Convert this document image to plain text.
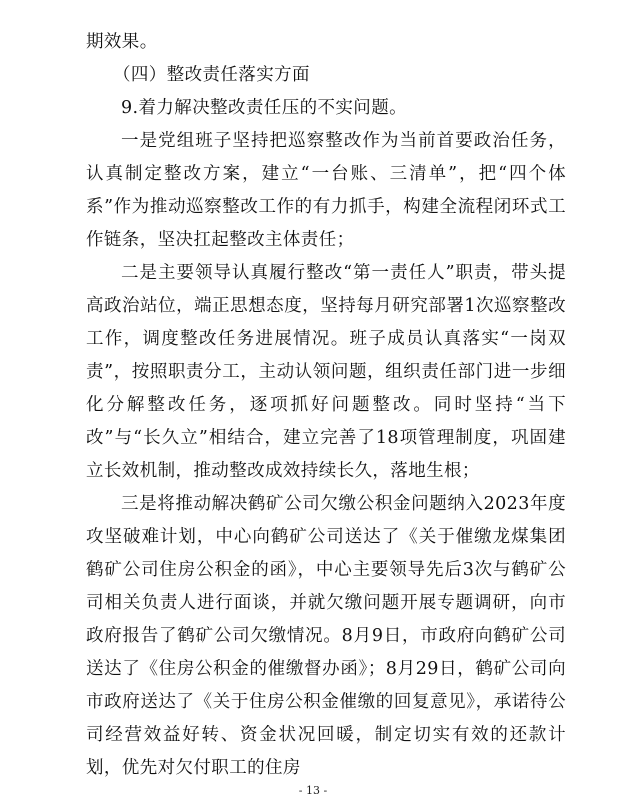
期效果。

（四）整改责任落实方面

9.着力解决整改责任压的不实问题。

一是党组班子坚持把巡察整改作为当前首要政治任务，认真制定整改方案，建立“一台账、三清单”，把“四个体系”作为推动巡察整改工作的有力抓手，构建全流程闭环式工作链条，坚决扛起整改主体责任；

二是主要领导认真履行整改“第一责任人”职责，带头提高政治站位，端正思想态度，坚持每月研究部署1次巡察整改工作，调度整改任务进展情况。班子成员认真落实“一岗双责”，按照职责分工，主动认领问题，组织责任部门进一步细化分解整改任务，逐项抓好问题整改。同时坚持“当下改”与“长久立”相结合，建立完善了18项管理制度，巩固建立长效机制，推动整改成效持续长久，落地生根；

三是将推动解决鹤矿公司欠缴公积金问题纳入2023年度攻坚破难计划，中心向鹤矿公司送达了《关于催缴龙煤集团鹤矿公司住房公积金的函》，中心主要领导先后3次与鹤矿公司相关负责人进行面谈，并就欠缴问题开展专题调研，向市政府报告了鹤矿公司欠缴情况。8月9日，市政府向鹤矿公司送达了《住房公积金的催缴督办函》；8月29日，鹤矿公司向市政府送达了《关于住房公积金催缴的回复意见》，承诺待公司经营效益好转、资金状况回暖，制定切实有效的还款计划，优先对欠付职工的住房

- 13 -
